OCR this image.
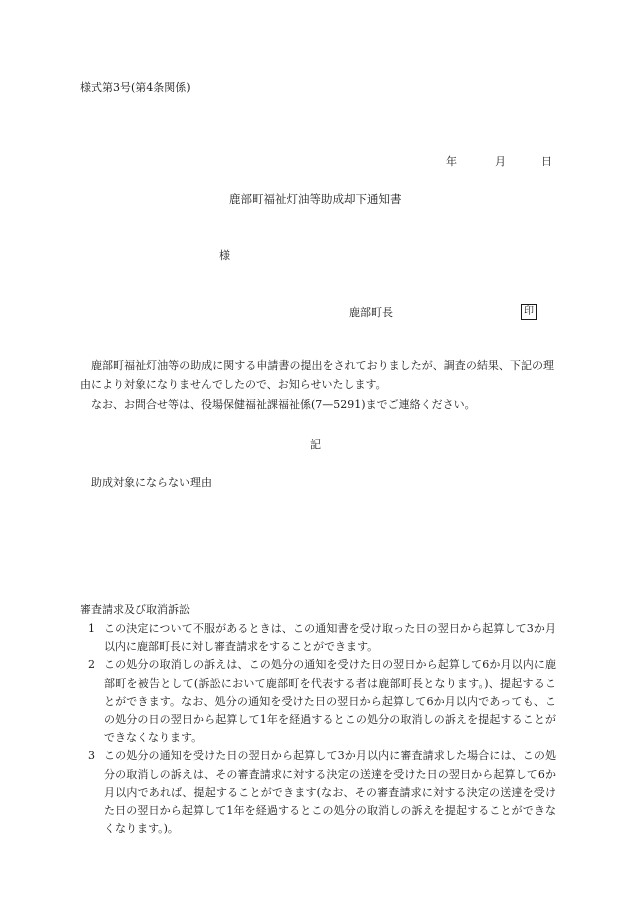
様式第3号(第4条関係)
年	月	日
鹿部町福祉灯油等助成却下通知書
様
鹿部町長	印
鹿部町福祉灯油等の助成に関する申請書の提出をされておりましたが、調査の結果、下記の理由により対象になりませんでしたので、お知らせいたします。
なお、お問合せ等は、役場保健福祉課福祉係(7—5291)までご連絡ください。
記
助成対象にならない理由
審査請求及び取消訴訟
1 この決定について不服があるときは、この通知書を受け取った日の翌日から起算して3か月以内に鹿部町長に対し審査請求をすることができます。
2 この処分の取消しの訴えは、この処分の通知を受けた日の翌日から起算して6か月以内に鹿部町を被告として(訴訟において鹿部町を代表する者は鹿部町長となります。)、提起することができます。なお、処分の通知を受けた日の翌日から起算して6か月以内であっても、この処分の日の翌日から起算して1年を経過するとこの処分の取消しの訴えを提起することができなくなります。
3 この処分の通知を受けた日の翌日から起算して3か月以内に審査請求した場合には、この処分の取消しの訴えは、その審査請求に対する決定の送達を受けた日の翌日から起算して6か月以内であれば、提起することができます(なお、その審査請求に対する決定の送達を受けた日の翌日から起算して1年を経過するとこの処分の取消しの訴えを提起することができなくなります。)。
